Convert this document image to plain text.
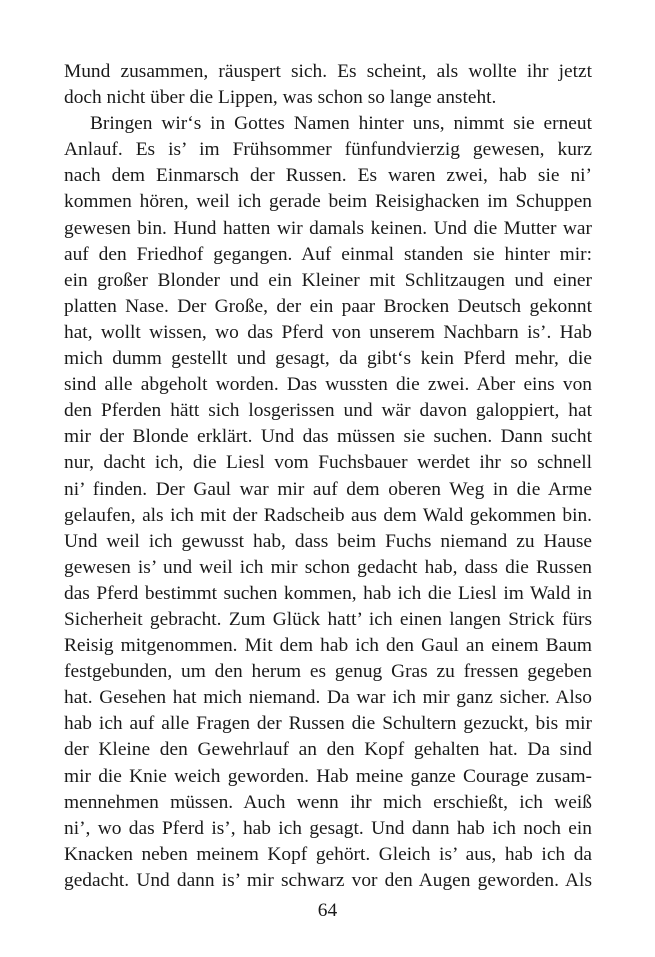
Mund zusammen, räuspert sich. Es scheint, als wollte ihr jetzt
doch nicht über die Lippen, was schon so lange ansteht.
Bringen wir‘s in Gottes Namen hinter uns, nimmt sie erneut
Anlauf. Es is’ im Frühsommer fünfundvierzig gewesen, kurz
nach dem Einmarsch der Russen. Es waren zwei, hab sie ni’
kommen hören, weil ich gerade beim Reisighacken im Schuppen
gewesen bin. Hund hatten wir damals keinen. Und die Mutter war
auf den Friedhof gegangen. Auf einmal standen sie hinter mir:
ein großer Blonder und ein Kleiner mit Schlitzaugen und einer
platten Nase. Der Große, der ein paar Brocken Deutsch gekonnt
hat, wollt wissen, wo das Pferd von unserem Nachbarn is’. Hab
mich dumm gestellt und gesagt, da gibt‘s kein Pferd mehr, die
sind alle abgeholt worden. Das wussten die zwei. Aber eins von
den Pferden hätt sich losgerissen und wär davon galoppiert, hat
mir der Blonde erklärt. Und das müssen sie suchen. Dann sucht
nur, dacht ich, die Liesl vom Fuchsbauer werdet ihr so schnell
ni’ finden. Der Gaul war mir auf dem oberen Weg in die Arme
gelaufen, als ich mit der Radscheib aus dem Wald gekommen bin.
Und weil ich gewusst hab, dass beim Fuchs niemand zu Hause
gewesen is’ und weil ich mir schon gedacht hab, dass die Russen
das Pferd bestimmt suchen kommen, hab ich die Liesl im Wald in
Sicherheit gebracht. Zum Glück hatt’ ich einen langen Strick fürs
Reisig mitgenommen. Mit dem hab ich den Gaul an einem Baum
festgebunden, um den herum es genug Gras zu fressen gegeben
hat. Gesehen hat mich niemand. Da war ich mir ganz sicher. Also
hab ich auf alle Fragen der Russen die Schultern gezuckt, bis mir
der Kleine den Gewehrlauf an den Kopf gehalten hat. Da sind
mir die Knie weich geworden. Hab meine ganze Courage zusam-
mennehmen müssen. Auch wenn ihr mich erschießt, ich weiß
ni’, wo das Pferd is’, hab ich gesagt. Und dann hab ich noch ein
Knacken neben meinem Kopf gehört. Gleich is’ aus, hab ich da
gedacht. Und dann is’ mir schwarz vor den Augen geworden. Als
64
